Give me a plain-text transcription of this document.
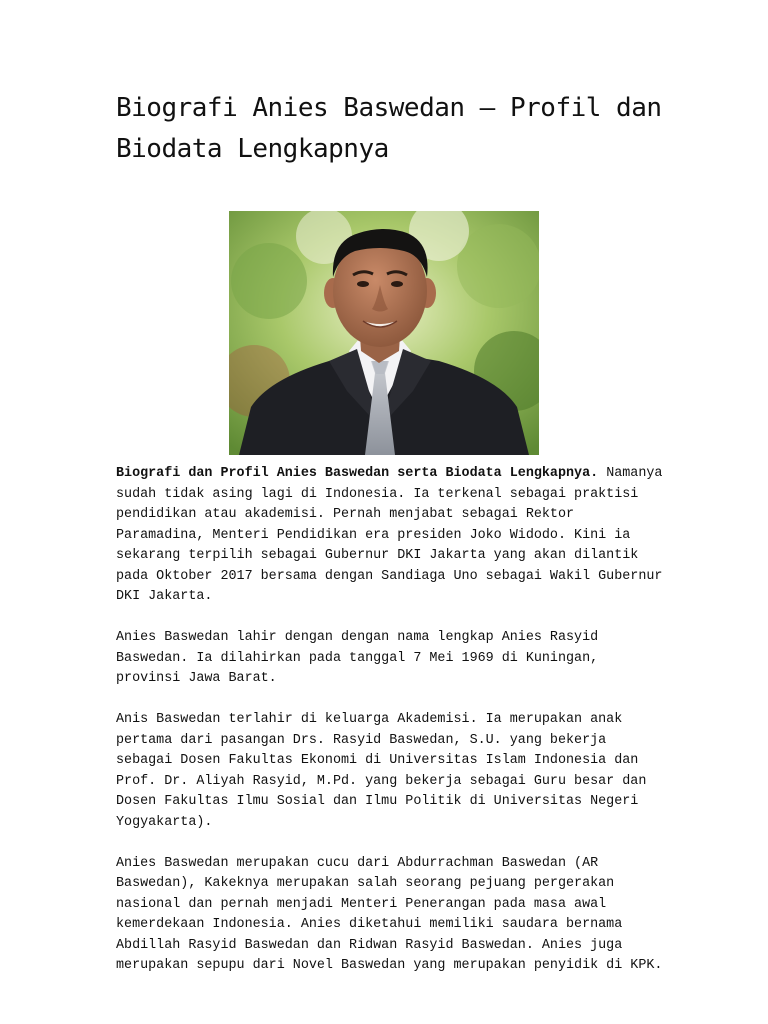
Biografi Anies Baswedan – Profil dan Biodata Lengkapnya

Biografi dan Profil Anies Baswedan serta Biodata Lengkapnya. Namanya sudah tidak asing lagi di Indonesia. Ia terkenal sebagai praktisi pendidikan atau akademisi. Pernah menjabat sebagai Rektor Paramadina, Menteri Pendidikan era presiden Joko Widodo. Kini ia sekarang terpilih sebagai Gubernur DKI Jakarta yang akan dilantik pada Oktober 2017 bersama dengan Sandiaga Uno sebagai Wakil Gubernur DKI Jakarta.

Anies Baswedan lahir dengan dengan nama lengkap Anies Rasyid Baswedan. Ia dilahirkan pada tanggal 7 Mei 1969 di Kuningan, provinsi Jawa Barat.

Anis Baswedan terlahir di keluarga Akademisi. Ia merupakan anak pertama dari pasangan Drs. Rasyid Baswedan, S.U. yang bekerja sebagai Dosen Fakultas Ekonomi di Universitas Islam Indonesia dan Prof. Dr. Aliyah Rasyid, M.Pd. yang bekerja sebagai Guru besar dan Dosen Fakultas Ilmu Sosial dan Ilmu Politik di Universitas Negeri Yogyakarta).

Anies Baswedan merupakan cucu dari Abdurrachman Baswedan (AR Baswedan), Kakeknya merupakan salah seorang pejuang pergerakan nasional dan pernah menjadi Menteri Penerangan pada masa awal kemerdekaan Indonesia. Anies diketahui memiliki saudara bernama Abdillah Rasyid Baswedan dan Ridwan Rasyid Baswedan. Anies juga merupakan sepupu dari Novel Baswedan yang merupakan penyidik di KPK.
